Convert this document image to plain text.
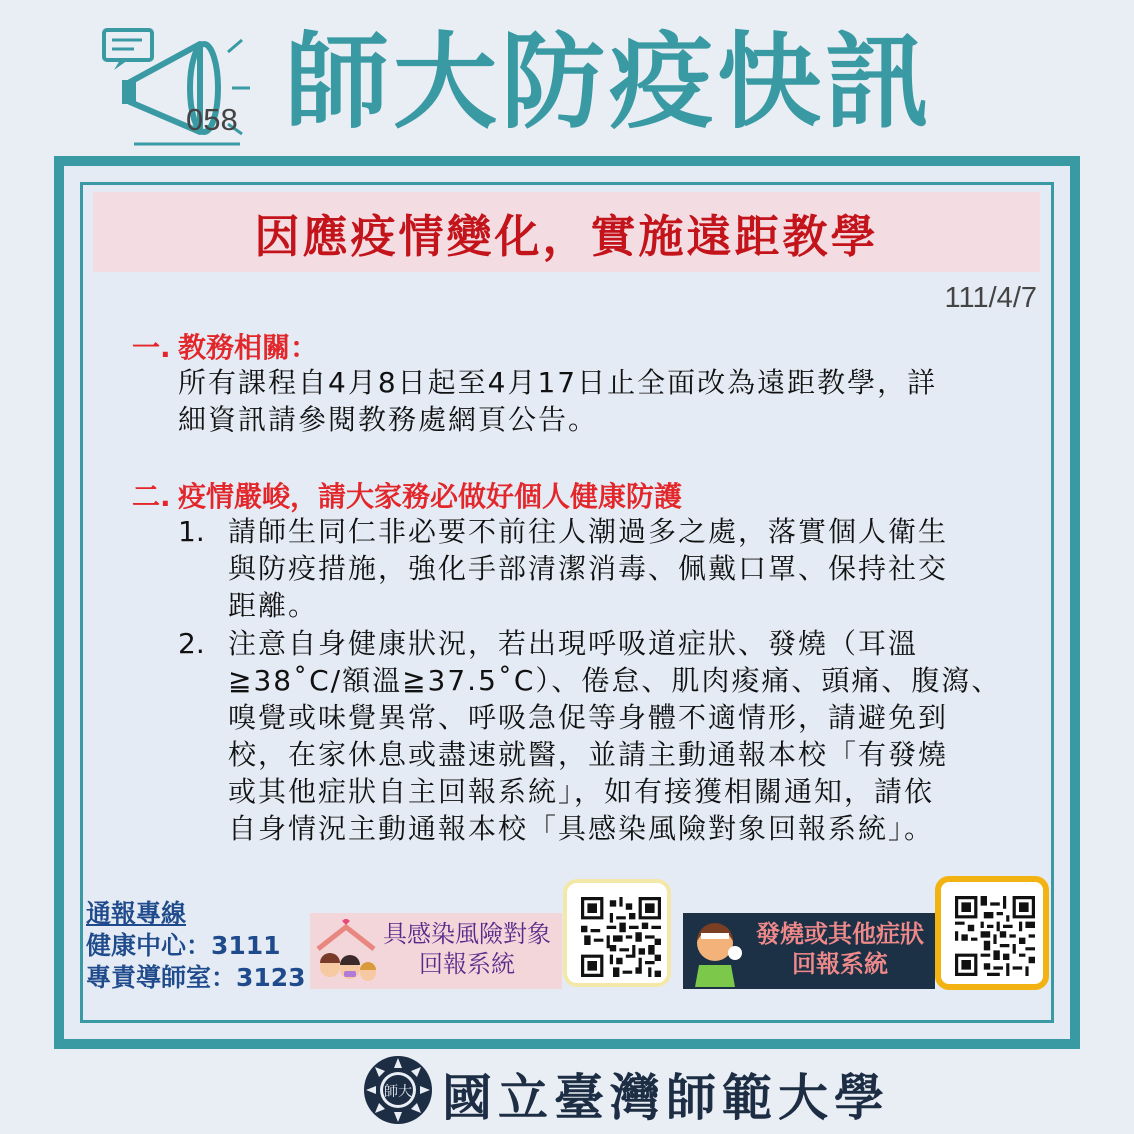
058 師大防疫快訊
因應疫情變化，實施遠距教學
111/4/7
一. 教務相關：
所有課程自4月8日起至4月17日止全面改為遠距教學，詳
細資訊請參閱教務處網頁公告。
二. 疫情嚴峻，請大家務必做好個人健康防護
1. 請師生同仁非必要不前往人潮過多之處，落實個人衛生
與防疫措施，強化手部清潔消毒、佩戴口罩、保持社交
距離。
2. 注意自身健康狀況，若出現呼吸道症狀、發燒（耳溫
≧38˚C/額溫≧37.5˚C）、倦怠、肌肉痠痛、頭痛、腹瀉、
嗅覺或味覺異常、呼吸急促等身體不適情形，請避免到
校，在家休息或盡速就醫，並請主動通報本校「有發燒
或其他症狀自主回報系統」，如有接獲相關通知，請依
自身情況主動通報本校「具感染風險對象回報系統」。
通報專線
健康中心：3111
專責導師室：3123
具感染風險對象
回報系統
發燒或其他症狀
回報系統
師大 國立臺灣師範大學
